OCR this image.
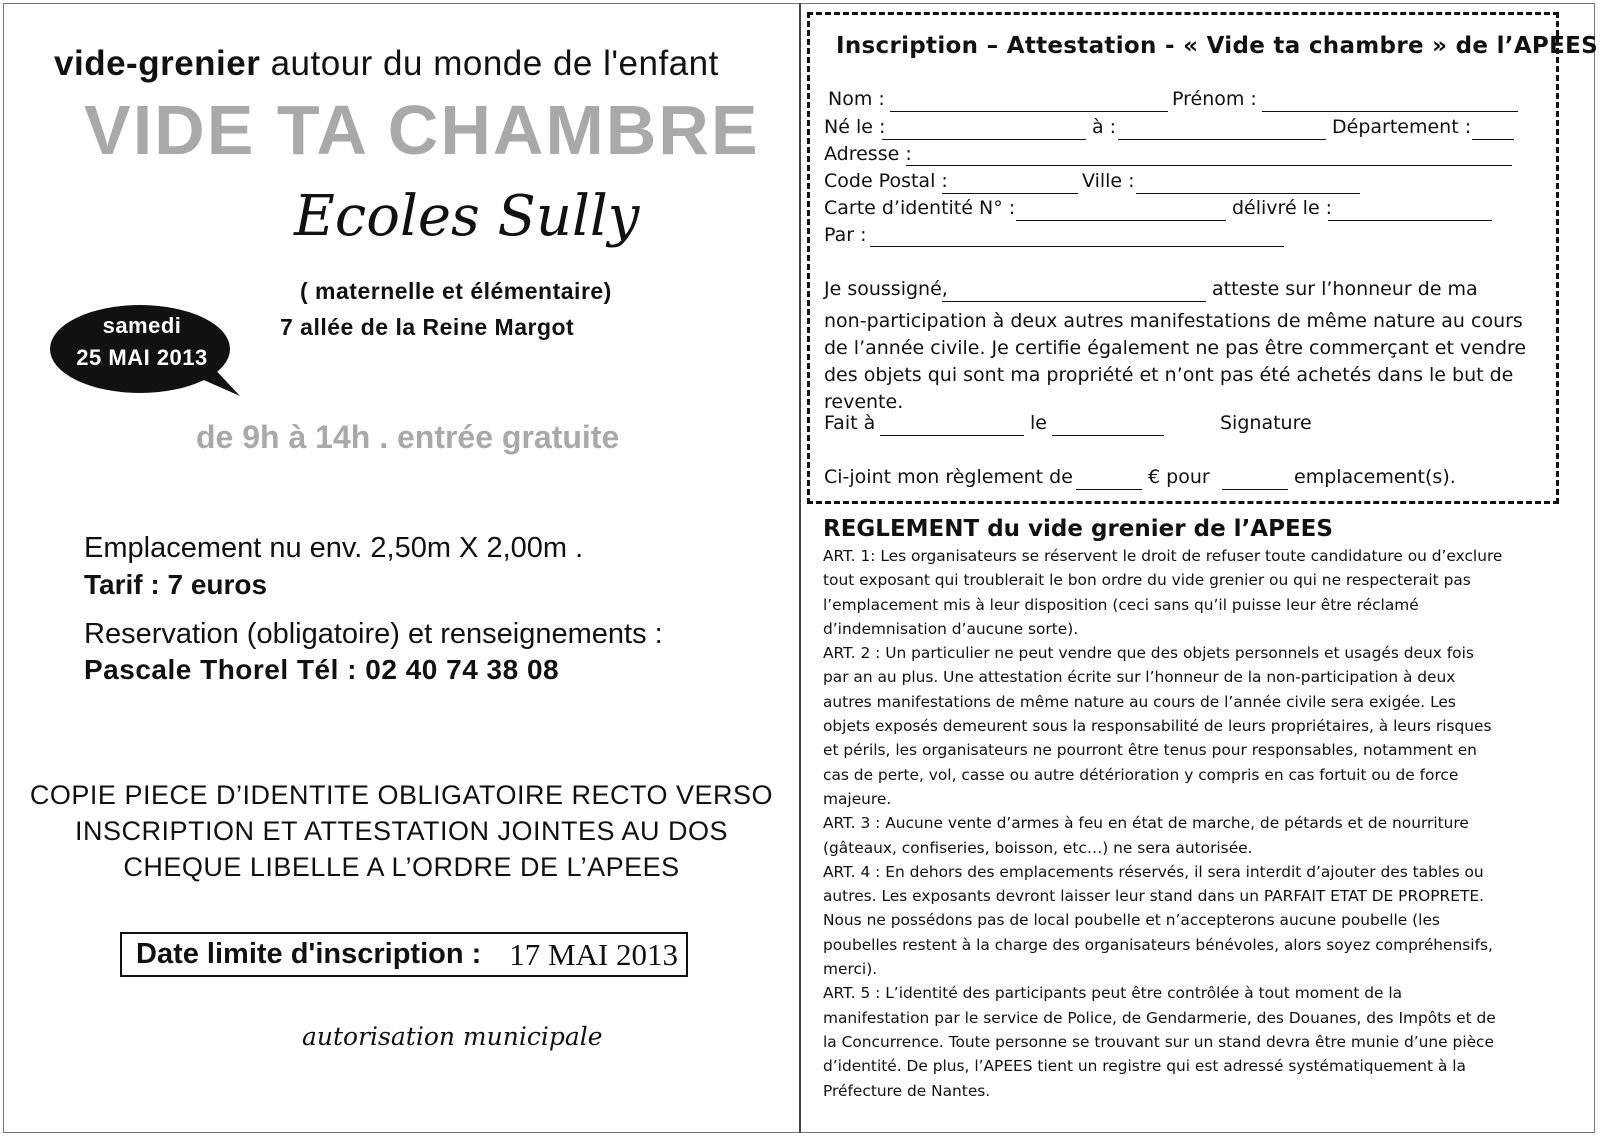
vide-grenier autour du monde de l'enfant
VIDE TA CHAMBRE
Ecoles Sully
( maternelle et élémentaire)
7 allée de la Reine Margot
samedi
25 MAI 2013
de 9h à 14h . entrée gratuite
Emplacement nu env. 2,50m X 2,00m .
Tarif : 7 euros
Reservation (obligatoire) et renseignements :
Pascale Thorel Tél : 02 40 74 38 08
COPIE PIECE D’IDENTITE OBLIGATOIRE RECTO VERSO
INSCRIPTION ET ATTESTATION JOINTES AU DOS
CHEQUE LIBELLE A L’ORDRE DE L’APEES
Date limite d'inscription : 17 MAI 2013
autorisation municipale
Inscription – Attestation - « Vide ta chambre » de l’APEES
Nom :	Prénom :
Né le :	à :	Département :
Adresse :
Code Postal :	Ville :
Carte d’identité N° :	délivré le :
Par :
Je soussigné,	atteste sur l’honneur de ma
non-participation à deux autres manifestations de même nature au cours de l’année civile. Je certifie également ne pas être commerçant et vendre des objets qui sont ma propriété et n’ont pas été achetés dans le but de revente.
Fait à	le	Signature
Ci-joint mon règlement de	€ pour	emplacement(s).
REGLEMENT du vide grenier de l’APEES

ART. 1: Les organisateurs se réservent le droit de refuser toute candidature ou d’exclure tout exposant qui troublerait le bon ordre du vide grenier ou qui ne respecterait pas l’emplacement mis à leur disposition (ceci sans qu’il puisse leur être réclamé d’indemnisation d’aucune sorte).

ART. 2 : Un particulier ne peut vendre que des objets personnels et usagés deux fois par an au plus. Une attestation écrite sur l’honneur de la non-participation à deux autres manifestations de même nature au cours de l’année civile sera exigée. Les objets exposés demeurent sous la responsabilité de leurs propriétaires, à leurs risques et périls, les organisateurs ne pourront être tenus pour responsables, notamment en cas de perte, vol, casse ou autre détérioration y compris en cas fortuit ou de force majeure.

ART. 3 : Aucune vente d’armes à feu en état de marche, de pétards et de nourriture (gâteaux, confiseries, boisson, etc…) ne sera autorisée.

ART. 4 : En dehors des emplacements réservés, il sera interdit d’ajouter des tables ou autres. Les exposants devront laisser leur stand dans un PARFAIT ETAT DE PROPRETE. Nous ne possédons pas de local poubelle et n’accepterons aucune poubelle (les poubelles restent à la charge des organisateurs bénévoles, alors soyez compréhensifs, merci).

ART. 5 : L’identité des participants peut être contrôlée à tout moment de la manifestation par le service de Police, de Gendarmerie, des Douanes, des Impôts et de la Concurrence. Toute personne se trouvant sur un stand devra être munie d’une pièce d’identité. De plus, l’APEES tient un registre qui est adressé systématiquement à la Préfecture de Nantes.
